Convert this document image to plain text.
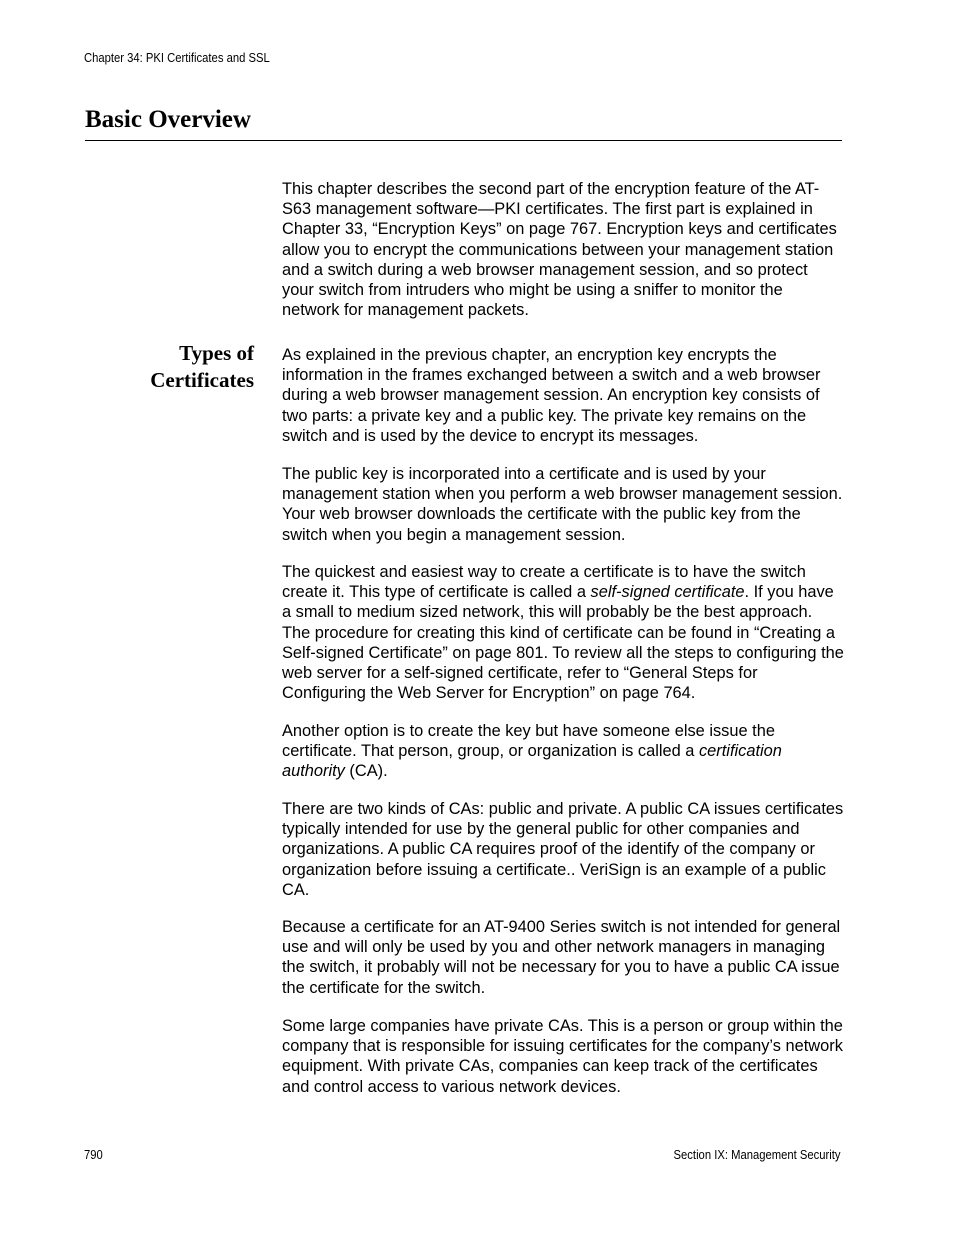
Chapter 34: PKI Certificates and SSL
Basic Overview

This chapter describes the second part of the encryption feature of the AT-S63 management software—PKI certificates. The first part is explained in Chapter 33, “Encryption Keys” on page 767. Encryption keys and certificates allow you to encrypt the communications between your management station and a switch during a web browser management session, and so protect your switch from intruders who might be using a sniffer to monitor the network for management packets.

Types of
Certificates

As explained in the previous chapter, an encryption key encrypts the information in the frames exchanged between a switch and a web browser during a web browser management session. An encryption key consists of two parts: a private key and a public key. The private key remains on the switch and is used by the device to encrypt its messages.

The public key is incorporated into a certificate and is used by your management station when you perform a web browser management session. Your web browser downloads the certificate with the public key from the switch when you begin a management session.

The quickest and easiest way to create a certificate is to have the switch create it. This type of certificate is called a self-signed certificate. If you have a small to medium sized network, this will probably be the best approach. The procedure for creating this kind of certificate can be found in “Creating a Self-signed Certificate” on page 801. To review all the steps to configuring the web server for a self-signed certificate, refer to “General Steps for Configuring the Web Server for Encryption” on page 764.

Another option is to create the key but have someone else issue the certificate. That person, group, or organization is called a certification authority (CA).

There are two kinds of CAs: public and private. A public CA issues certificates typically intended for use by the general public for other companies and organizations. A public CA requires proof of the identify of the company or organization before issuing a certificate.. VeriSign is an example of a public CA.

Because a certificate for an AT-9400 Series switch is not intended for general use and will only be used by you and other network managers in managing the switch, it probably will not be necessary for you to have a public CA issue the certificate for the switch.

Some large companies have private CAs. This is a person or group within the company that is responsible for issuing certificates for the company’s network equipment. With private CAs, companies can keep track of the certificates and control access to various network devices.

790	Section IX: Management Security
